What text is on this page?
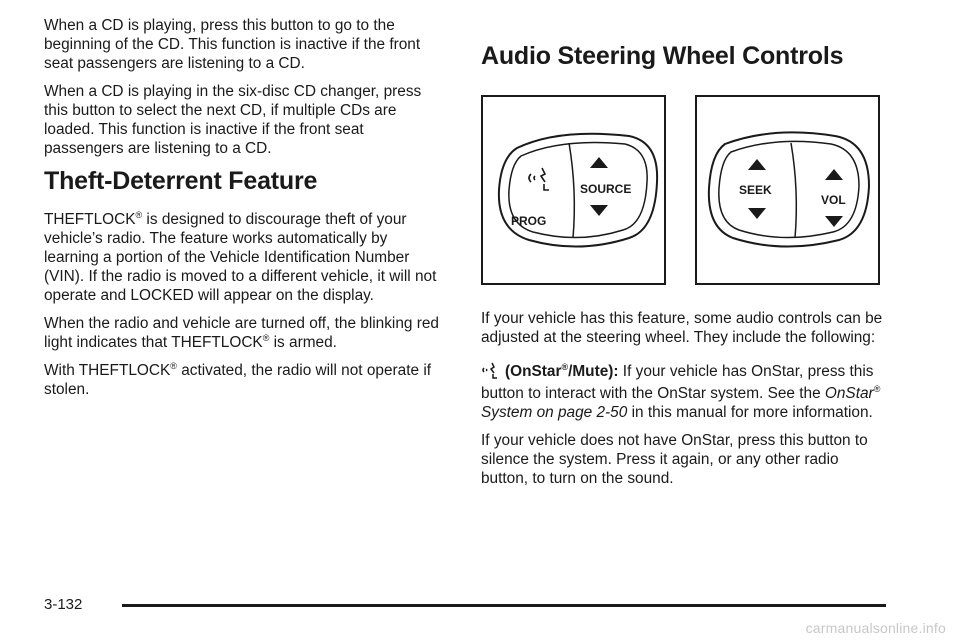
When a CD is playing, press this button to go to the beginning of the CD. This function is inactive if the front seat passengers are listening to a CD.

When a CD is playing in the six-disc CD changer, press this button to select the next CD, if multiple CDs are loaded. This function is inactive if the front seat passengers are listening to a CD.

Theft-Deterrent Feature

THEFTLOCK® is designed to discourage theft of your vehicle’s radio. The feature works automatically by learning a portion of the Vehicle Identification Number (VIN). If the radio is moved to a different vehicle, it will not operate and LOCKED will appear on the display.

When the radio and vehicle are turned off, the blinking red light indicates that THEFTLOCK® is armed.

With THEFTLOCK® activated, the radio will not operate if stolen.

Audio Steering Wheel Controls
SOURCE
PROG
SEEK
VOL

If your vehicle has this feature, some audio controls can be adjusted at the steering wheel. They include the following:

(OnStar®/Mute): If your vehicle has OnStar, press this button to interact with the OnStar system. See the OnStar® System on page 2-50 in this manual for more information.

If your vehicle does not have OnStar, press this button to silence the system. Press it again, or any other radio button, to turn on the sound.

3-132
carmanualsonline.info
